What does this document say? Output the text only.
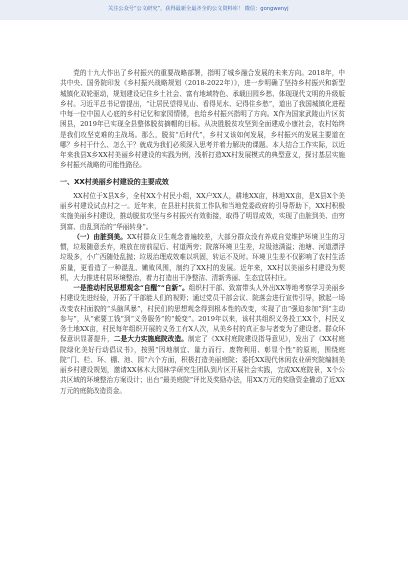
关注公众号“公文研究”，获得最新全最齐全的公文资料库！ 微信：gongwenyj

党的十九大作出了乡村振兴的重要战略部署，指明了城乡融合发展的未来方向。2018年，中共中央、国务院印发《乡村振兴战略规划（2018-2022年）》，进一步明确了坚持乡村振兴和新型城镇化双轮驱动，规划建设记住乡土社会、富有地域特色、承载田园乡愁、体现现代文明的升级版乡村。习近平总书记曾提出，“让居民望得见山、看得见水、记得住乡愁”，道出了我国城镇化进程中每一位中国人心底的乡村记忆和家园情愫，也给乡村振兴指明了方向。X作为国家武陵山片区贫困县，2019年已实现全县整体脱贫摘帽的目标。从决胜脱贫攻坚到全面建成小康社会，农村始终是我们攻坚克难的主战场。那么，脱贫“后时代”，乡村又该如何发展，乡村振兴的发展主要道在哪？乡村干什么、怎么干？就成为我们必须深入思考并着力解决的课题。本人结合工作实际，以近年来我县X乡XX村美丽乡村建设的实践为例，浅析打造XX村发展模式的典型意义，探讨基层实施乡村振兴战略的可能性路径。

一、XX村美丽乡村建设的主要成效

XX村位于X县X乡，全村XX个村民小组，XX户XX人，耕地XX亩，林地XX亩，是X县X个美丽乡村建设试点村之一。近年来，在县驻村扶贫工作队和当地党委政府的引导帮助下，XX村积极实施美丽乡村建设，推动脱贫攻坚与乡村振兴有效衔接，取得了明显成效，实现了由脏到美、由穷到富、由乱到治的“华丽转身”。

（一）由脏到美。XX村群众卫生观念普遍较差，大部分群众没有养成自觉维护环境卫生的习惯，垃圾随意丢弃，堆放在房前屋后、村道两旁；院落环境卫生差，垃圾池满溢；池塘、河道漂浮垃圾多，小广西随处乱抛；垃圾治理成效难以巩固，转运不及时。环境卫生差不仅影响了农村生活质量，更看造了一种混乱、嫩败风围，制约了XX村的发展。近年来，XX村以美丽乡村建设为契机，大力推进村居环境整治，着力打造出干净整洁、清新秀丽、生态宜居村庄。

一是推动村民思想观念“自醒”“自新”。组织村干部、致富带头人外出XX等地考察学习美丽乡村建设先进经验，开拓了干部能人们的视野；通过党员干部会议、院落会进行宣传引导，掀起一场改变农村面貌的“头脑风暴”，村民们的思想观念得到根本性的改变，实现了由“强迫参加”到“主动参与”，从“索要工钱”到“义务服务”的“蜕变”。2019年以来，该村共组织义务投工XX个，村民义务土地XX亩，村民每年组织开展的义务工有X人次，从美乡村的真正参与者变为了建设者。群众环保意识显著提升，二是大力实施庭院改造。制定了《XX村庭院建设指导意见》，发出了《XX村庭院绿化美好行动倡议书》，按照“因地制宜、量力而行、废物利用、彰显个性”的原则，围绕庭院“门、栏、环、棚、池、园”六个方面，积极打造美丽庭院；委托XX现代休闲农业研究院编制美丽乡村建设规划，邀请XX林木大园林学研究生团队到片区开展社会实践，完成XX庭院景，X个公共区域的环境整治方案设计；出台“最美庭院”评比及奖励办法，用XX万元的奖励资金撬动了近XX万元的庭院改造资金。
